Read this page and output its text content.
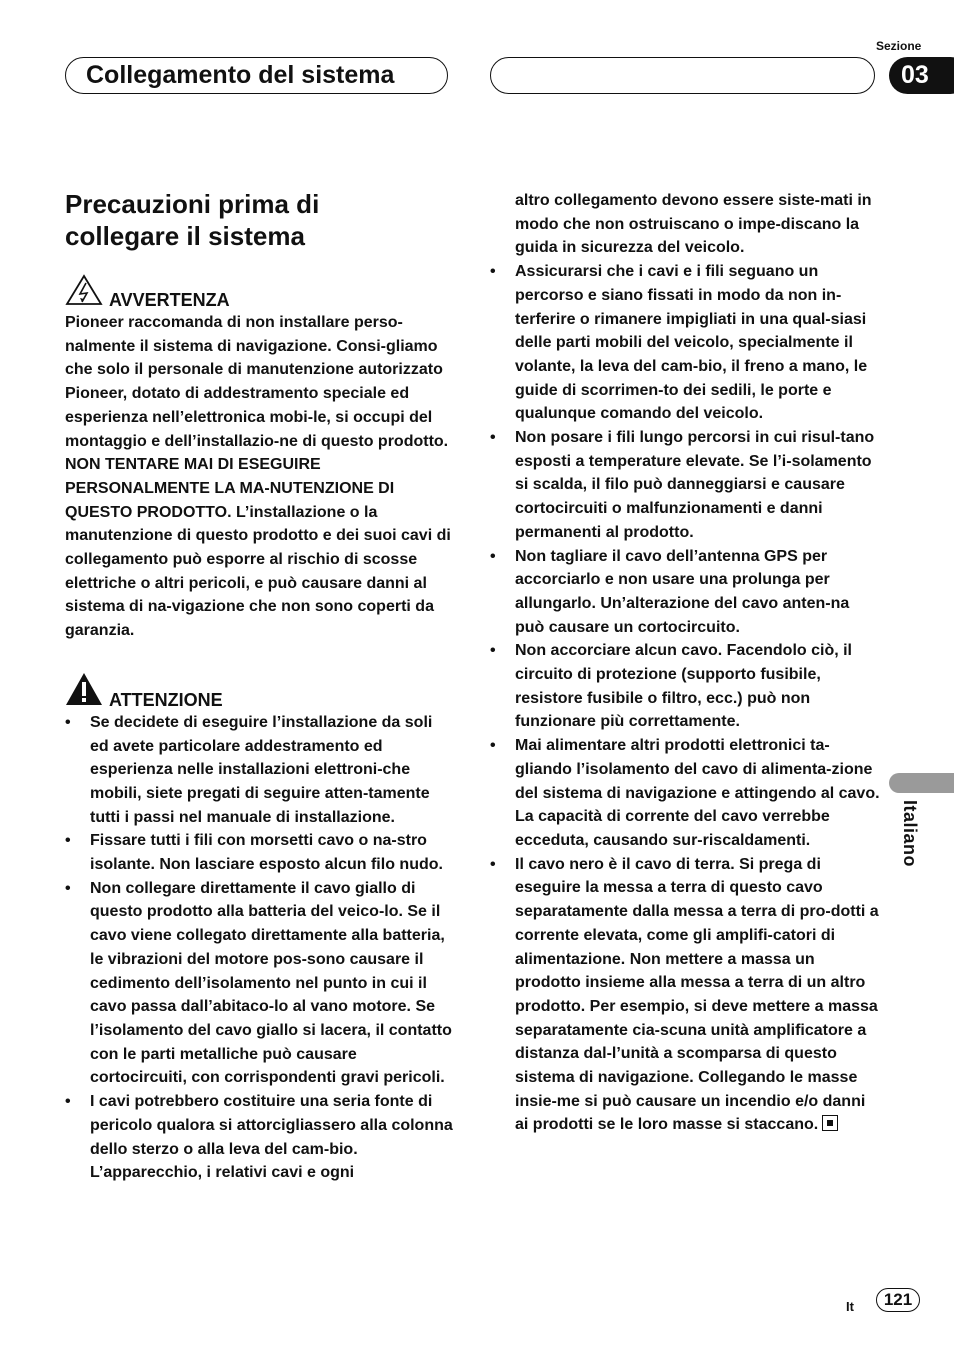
Sezione
Collegamento del sistema	03
Italiano
Precauzioni prima di
collegare il sistema
AVVERTENZA

Pioneer raccomanda di non installare perso-nalmente il sistema di navigazione. Consi-gliamo che solo il personale di manutenzione autorizzato Pioneer, dotato di addestramento speciale ed esperienza nell’elettronica mobi-le, si occupi del montaggio e dell’installazio-ne di questo prodotto. NON TENTARE MAI DI ESEGUIRE PERSONALMENTE LA MA-NUTENZIONE DI QUESTO PRODOTTO. L’installazione o la manutenzione di questo prodotto e dei suoi cavi di collegamento può esporre al rischio di scosse elettriche o altri pericoli, e può causare danni al sistema di na-vigazione che non sono coperti da garanzia.

ATTENZIONE
• Se decidete di eseguire l’installazione da soli ed avete particolare addestramento ed esperienza nelle installazioni elettroni-che mobili, siete pregati di seguire atten-tamente tutti i passi nel manuale di installazione.
• Fissare tutti i fili con morsetti cavo o na-stro isolante. Non lasciare esposto alcun filo nudo.
• Non collegare direttamente il cavo giallo di questo prodotto alla batteria del veico-lo. Se il cavo viene collegato direttamente alla batteria, le vibrazioni del motore pos-sono causare il cedimento dell’isolamento nel punto in cui il cavo passa dall’abitaco-lo al vano motore. Se l’isolamento del cavo giallo si lacera, il contatto con le parti metalliche può causare cortocircuiti, con corrispondenti gravi pericoli.
• I cavi potrebbero costituire una seria fonte di pericolo qualora si attorcigliassero alla colonna dello sterzo o alla leva del cam-bio. L’apparecchio, i relativi cavi e ogni
altro collegamento devono essere siste-mati in modo che non ostruiscano o impe-discano la guida in sicurezza del veicolo.
• Assicurarsi che i cavi e i fili seguano un percorso e siano fissati in modo da non in-terferire o rimanere impigliati in una qual-siasi delle parti mobili del veicolo, specialmente il volante, la leva del cam-bio, il freno a mano, le guide di scorrimen-to dei sedili, le porte e qualunque comando del veicolo.
• Non posare i fili lungo percorsi in cui risul-tano esposti a temperature elevate. Se l’i-solamento si scalda, il filo può danneggiarsi e causare cortocircuiti o malfunzionamenti e danni permanenti al prodotto.
• Non tagliare il cavo dell’antenna GPS per accorciarlo e non usare una prolunga per allungarlo. Un’alterazione del cavo anten-na può causare un cortocircuito.
• Non accorciare alcun cavo. Facendolo ciò, il circuito di protezione (supporto fusibile, resistore fusibile o filtro, ecc.) può non funzionare più correttamente.
• Mai alimentare altri prodotti elettronici ta-gliando l’isolamento del cavo di alimenta-zione del sistema di navigazione e attingendo al cavo. La capacità di corrente del cavo verrebbe ecceduta, causando sur-riscaldamenti.
• Il cavo nero è il cavo di terra. Si prega di eseguire la messa a terra di questo cavo separatamente dalla messa a terra di pro-dotti a corrente elevata, come gli amplifi-catori di alimentazione. Non mettere a massa un prodotto insieme alla messa a terra di un altro prodotto. Per esempio, si deve mettere a massa separatamente cia-scuna unità amplificatore a distanza dal-l’unità a scomparsa di questo sistema di navigazione. Collegando le masse insie-me si può causare un incendio e/o danni ai prodotti se le loro masse si staccano.
It	121
